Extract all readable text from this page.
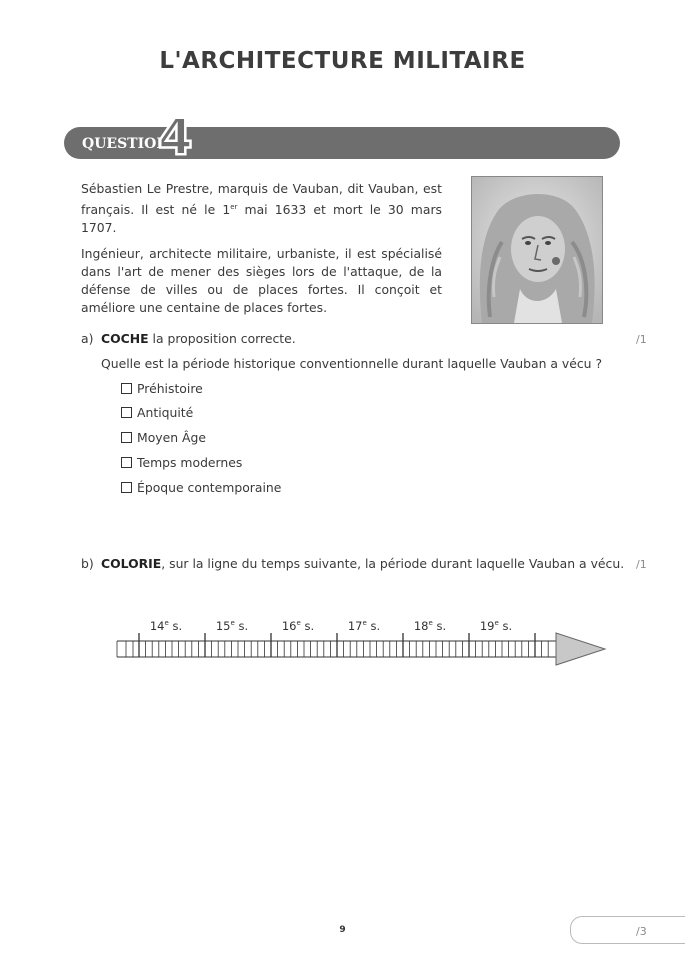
L'ARCHITECTURE MILITAIRE
QUESTION
4

Sébastien Le Prestre, marquis de Vauban, dit Vauban, est français. Il est né le 1er mai 1633 et mort le 30 mars 1707.

Ingénieur, architecte militaire, urbaniste, il est spécialisé dans l'art de mener des sièges lors de l'attaque, de la défense de villes ou de places fortes. Il conçoit et améliore une centaine de places fortes.

a) COCHE la proposition correcte.	/1
Quelle est la période historique conventionnelle durant laquelle Vauban a vécu ?
Préhistoire
Antiquité
Moyen Âge
Temps modernes
Époque contemporaine
b) COLORIE, sur la ligne du temps suivante, la période durant laquelle Vauban a vécu. /1
14e s.	15e s.	16e s.	17e s.	18e s.	19e s.
9	/3
